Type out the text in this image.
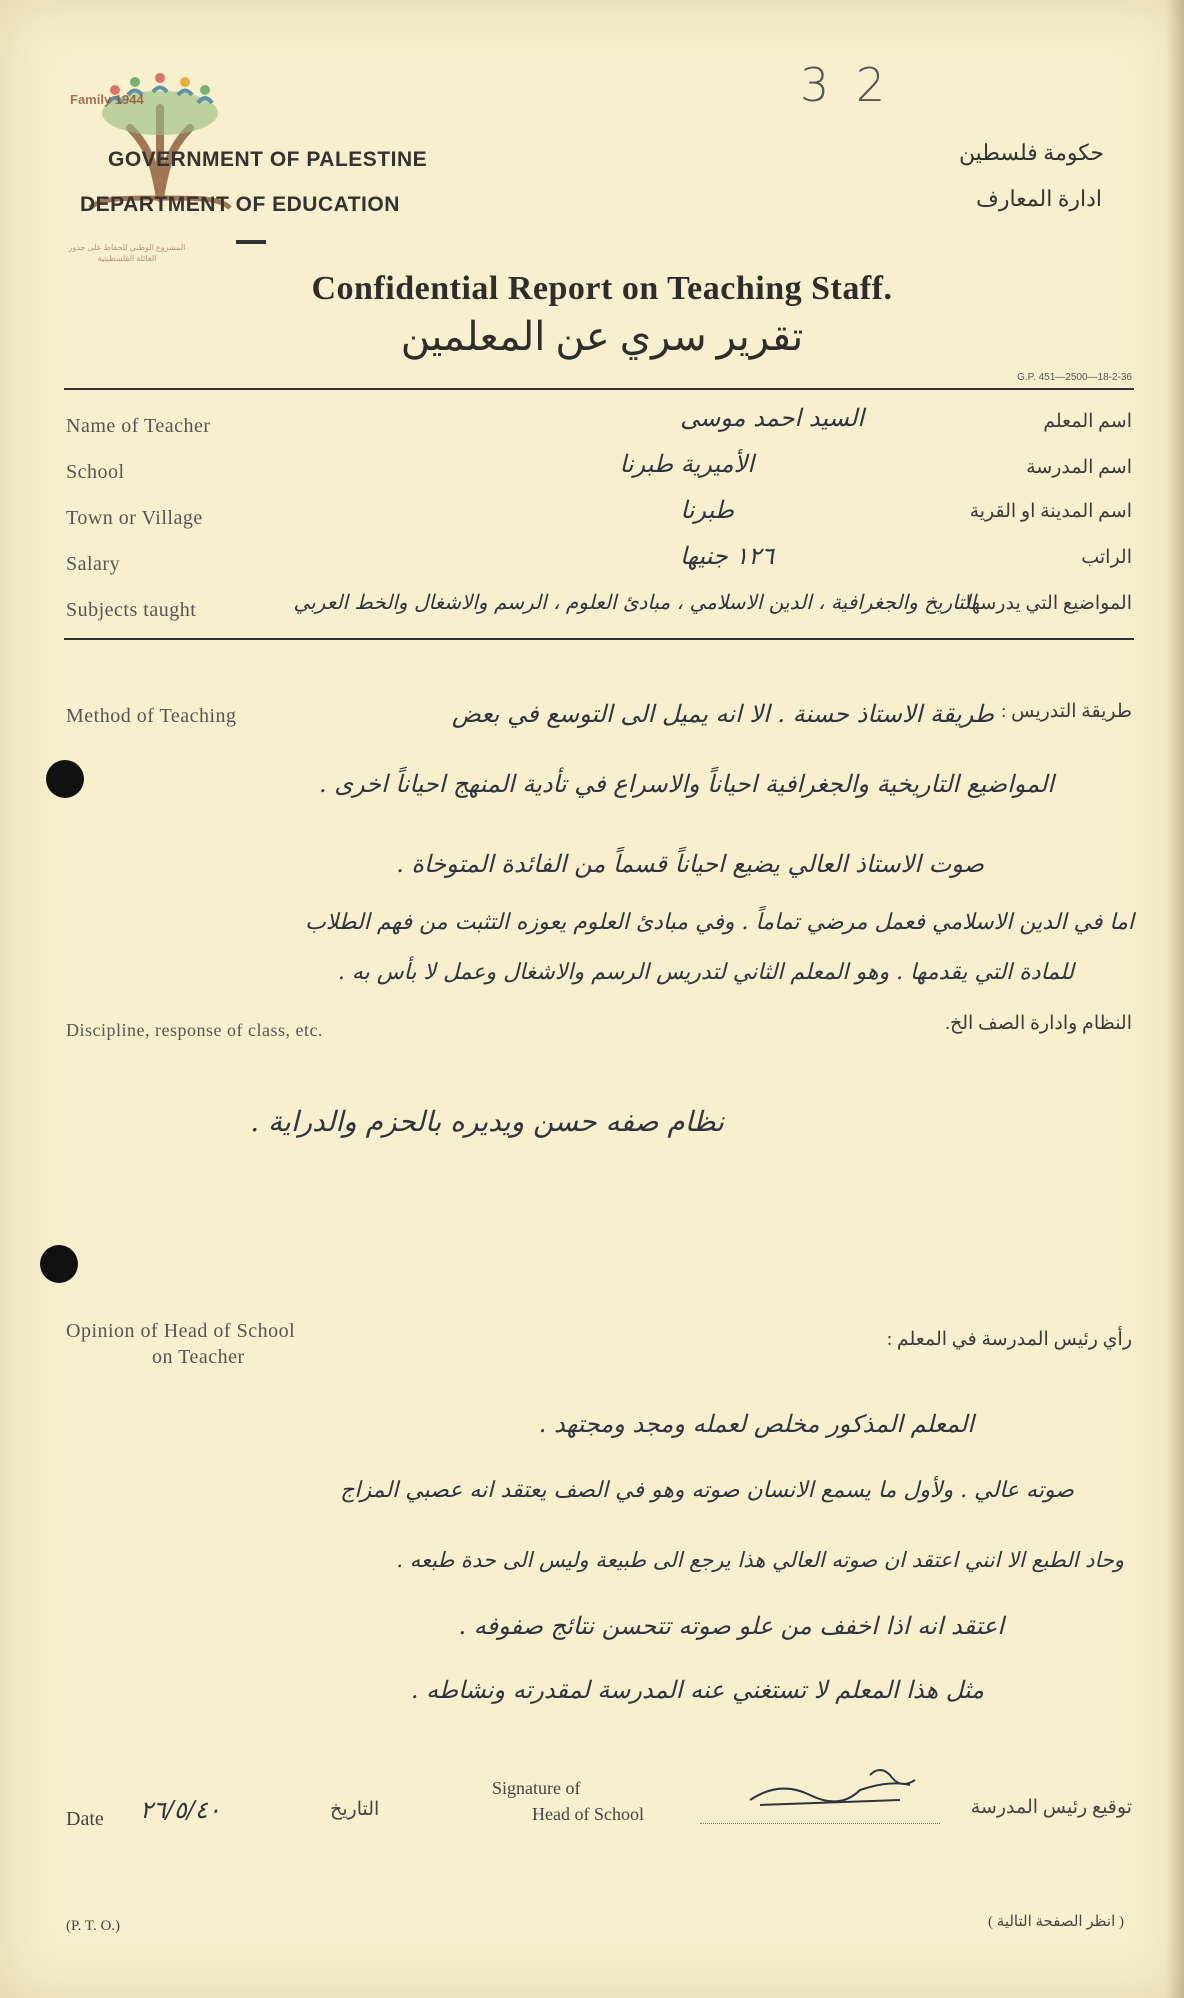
Family 1944
المشروع الوطني للحفاظ على جذور العائلة الفلسطينية
GOVERNMENT OF PALESTINE
DEPARTMENT OF EDUCATION
حكومة فلسطين
ادارة المعارف
3 2
Confidential Report on Teaching Staff.
تقرير سري عن المعلمين
G.P. 451—2500—18-2-36
Name of Teacher	اسم المعلم
السيد احمد موسى
School	اسم المدرسة
الأميرية طبرنا
Town or Village	اسم المدينة او القرية
طبرنا
Salary	الراتب
١٢٦ جنيها
Subjects taught	المواضيع التي يدرسها
التاريخ والجغرافية ، الدين الاسلامي ، مبادئ العلوم ، الرسم والاشغال والخط العربي
Method of Teaching	طريقة التدريس :
طريقة الاستاذ حسنة . الا انه يميل الى التوسع في بعض
المواضيع التاريخية والجغرافية احياناً والاسراع في تأدية المنهج احياناً اخرى .
صوت الاستاذ العالي يضيع احياناً قسماً من الفائدة المتوخاة .
اما في الدين الاسلامي فعمل مرضي تماماً . وفي مبادئ العلوم يعوزه التثبت من فهم الطلاب
للمادة التي يقدمها . وهو المعلم الثاني لتدريس الرسم والاشغال وعمل لا بأس به .
Discipline, response of class, etc.	النظام وادارة الصف الخ.
نظام صفه حسن ويديره بالحزم والدراية .
Opinion of Head of School
on Teacher
رأي رئيس المدرسة في المعلم :
المعلم المذكور مخلص لعمله ومجد ومجتهد .
صوته عالي . ولأول ما يسمع الانسان صوته وهو في الصف يعتقد انه عصبي المزاج
وحاد الطبع الا انني اعتقد ان صوته العالي هذا يرجع الى طبيعة وليس الى حدة طبعه .
اعتقد انه اذا اخفف من علو صوته تتحسن نتائج صفوفه .
مثل هذا المعلم لا تستغني عنه المدرسة لمقدرته ونشاطه .
Date ٢٦/٥/٤٠	التاريخ
Signature of
Head of School	توقيع رئيس المدرسة
(P. T. O.)	( انظر الصفحة التالية )
